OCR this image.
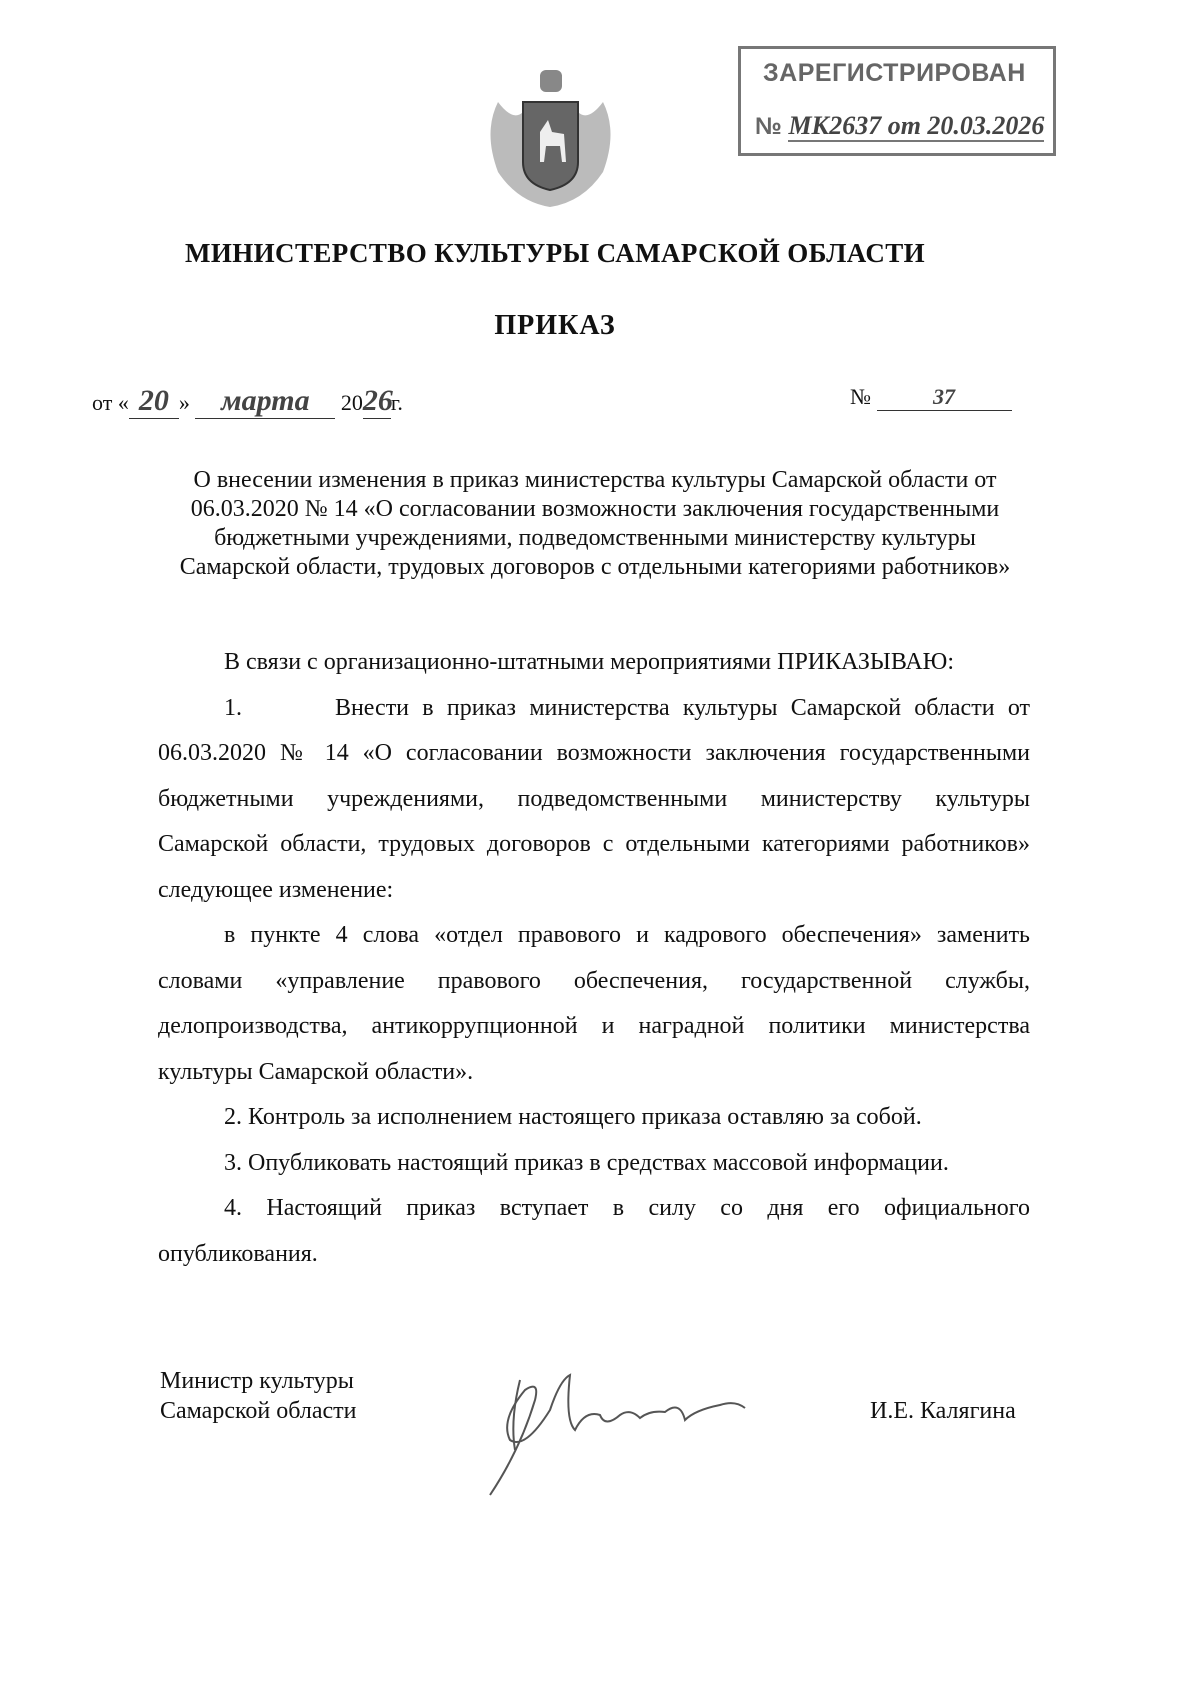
ЗАРЕГИСТРИРОВАН
№ МК2637 от 20.03.2026
МИНИСТЕРСТВО КУЛЬТУРЫ САМАРСКОЙ ОБЛАСТИ
ПРИКАЗ
от « 20 » марта 2026г.	№	37
О внесении изменения в приказ министерства культуры Самарской области от 06.03.2020 № 14 «О согласовании возможности заключения государственными бюджетными учреждениями, подведомственными министерству культуры Самарской области, трудовых договоров с отдельными категориями работников»

В связи с организационно-штатными мероприятиями ПРИКАЗЫВАЮ:

1.       Внести в приказ министерства культуры Самарской области от 06.03.2020 № 14 «О согласовании возможности заключения государственными бюджетными учреждениями, подведомственными министерству культуры Самарской области, трудовых договоров с отдельными категориями работников» следующее изменение:

в пункте 4 слова «отдел правового и кадрового обеспечения» заменить словами «управление правового обеспечения, государственной службы, делопроизводства, антикоррупционной и наградной политики министерства культуры Самарской области».

2. Контроль за исполнением настоящего приказа оставляю за собой.

3. Опубликовать настоящий приказ в средствах массовой информации.

4. Настоящий приказ вступает в силу со дня его официального опубликования.

Министр культуры
Самарской области	И.Е. Калягина
